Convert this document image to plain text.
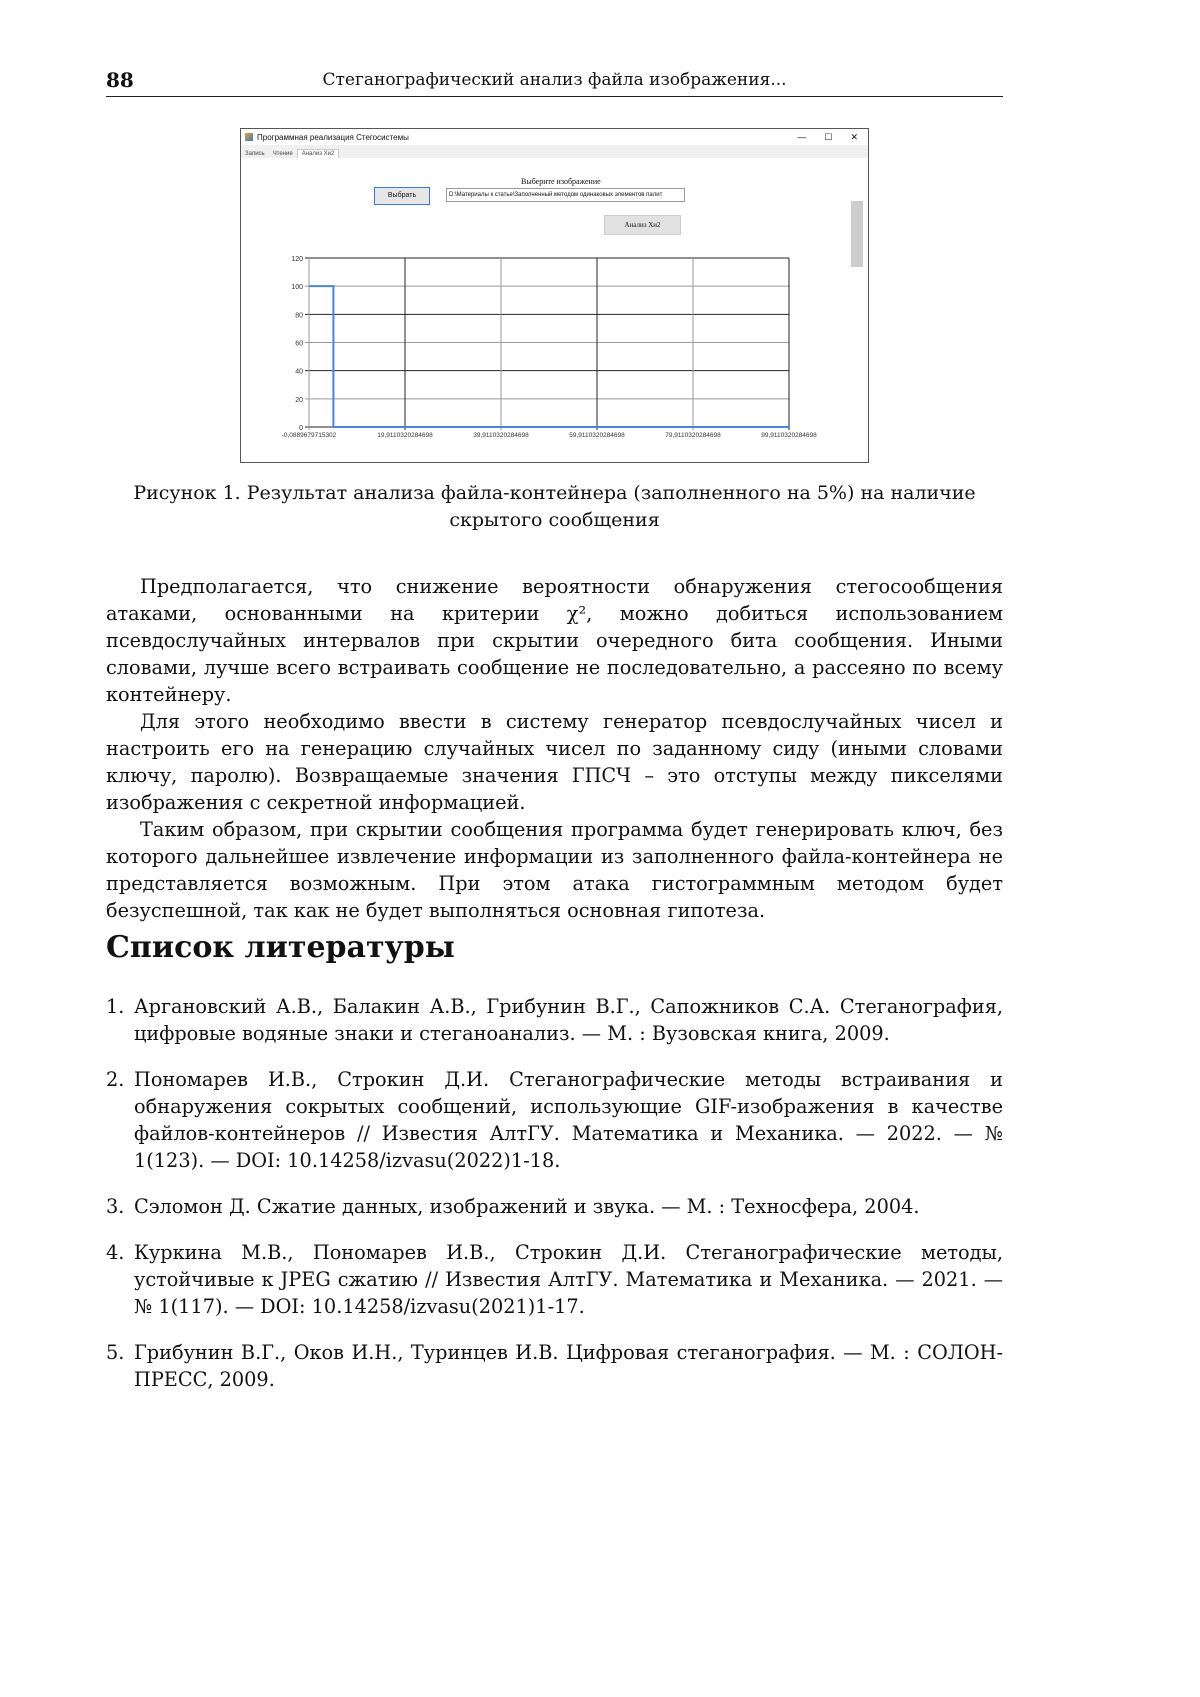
88	Стеганографический анализ файла изображения...
Программная реализация Стегосистемы	— ☐ ✕
Запись	Чтение	Анализ Хи2
Выберите изображение
Выбрать	D:\Материалы к статье\Заполненный методом одинаковых элементов палит
Анализ Хи2
0
20
40
60
80
100
120
-0,0889679715302	19,9110320284698	39,9110320284698	59,9110320284698	79,9110320284698	99,9110320284698
Рисунок 1. Результат анализа файла-контейнера (заполненного на 5%) на наличие скрытого сообщения

Предполагается, что снижение вероятности обнаружения стегосообщения атаками, основанными на критерии χ², можно добиться использованием псевдослучайных интервалов при скрытии очередного бита сообщения. Иными словами, лучше всего встраивать сообщение не последовательно, а рассеяно по всему контейнеру.

Для этого необходимо ввести в систему генератор псевдослучайных чисел и настроить его на генерацию случайных чисел по заданному сиду (иными словами ключу, паролю). Возвращаемые значения ГПСЧ – это отступы между пикселями изображения с секретной информацией.

Таким образом, при скрытии сообщения программа будет генерировать ключ, без которого дальнейшее извлечение информации из заполненного файла-контейнера не представляется возможным. При этом атака гистограммным методом будет безуспешной, так как не будет выполняться основная гипотеза.

Список литературы
1. Аргановский А.В., Балакин А.В., Грибунин В.Г., Сапожников С.А. Стеганография, цифровые водяные знаки и стеганоанализ. — М. : Вузовская книга, 2009.
2. Пономарев И.В., Строкин Д.И. Стеганографические методы встраивания и обнаружения сокрытых сообщений, использующие GIF-изображения в качестве файлов-контейнеров // Известия АлтГУ. Математика и Механика. — 2022. — № 1(123). — DOI: 10.14258/izvasu(2022)1-18.
3. Сэломон Д. Сжатие данных, изображений и звука. — М. : Техносфера, 2004.
4. Куркина М.В., Пономарев И.В., Строкин Д.И. Стеганографические методы, устойчивые к JPEG сжатию // Известия АлтГУ. Математика и Механика. — 2021. — № 1(117). — DOI: 10.14258/izvasu(2021)1-17.
5. Грибунин В.Г., Оков И.Н., Туринцев И.В. Цифровая стеганография. — М. : СОЛОН-ПРЕСС, 2009.
